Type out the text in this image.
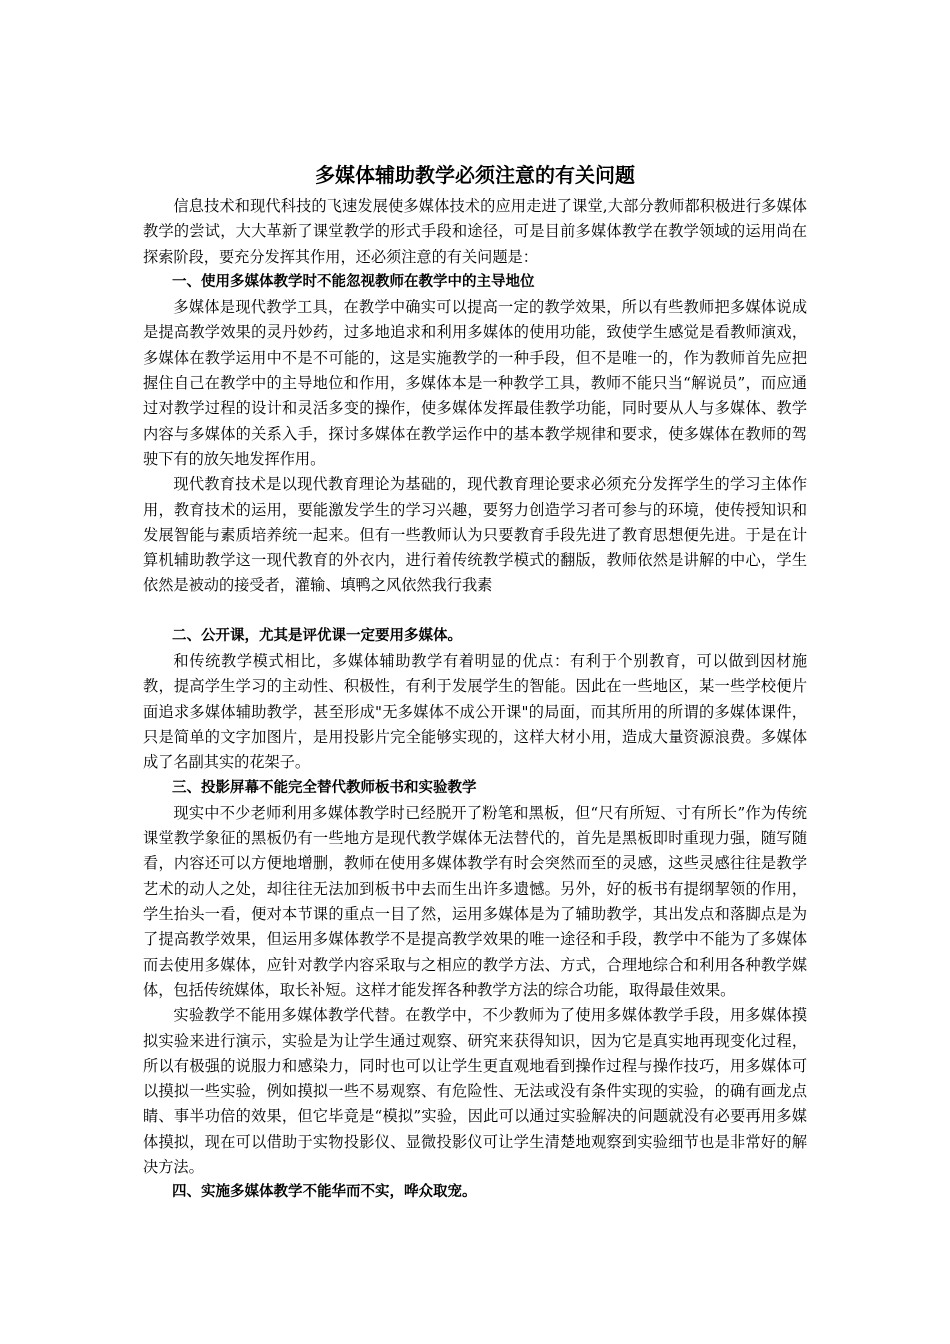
多媒体辅助教学必须注意的有关问题

信息技术和现代科技的飞速发展使多媒体技术的应用走进了课堂,大部分教师都积极进行多媒体教学的尝试，大大革新了课堂教学的形式手段和途径，可是目前多媒体教学在教学领域的运用尚在探索阶段，要充分发挥其作用，还必须注意的有关问题是：

一、使用多媒体教学时不能忽视教师在教学中的主导地位

多媒体是现代教学工具，在教学中确实可以提高一定的教学效果，所以有些教师把多媒体说成是提高教学效果的灵丹妙药，过多地追求和利用多媒体的使用功能，致使学生感觉是看教师演戏，多媒体在教学运用中不是不可能的，这是实施教学的一种手段，但不是唯一的，作为教师首先应把握住自己在教学中的主导地位和作用，多媒体本是一种教学工具，教师不能只当“解说员”，而应通过对教学过程的设计和灵活多变的操作，使多媒体发挥最佳教学功能，同时要从人与多媒体、教学内容与多媒体的关系入手，探讨多媒体在教学运作中的基本教学规律和要求，使多媒体在教师的驾驶下有的放矢地发挥作用。

现代教育技术是以现代教育理论为基础的，现代教育理论要求必须充分发挥学生的学习主体作用，教育技术的运用，要能激发学生的学习兴趣，要努力创造学习者可参与的环境，使传授知识和发展智能与素质培养统一起来。但有一些教师认为只要教育手段先进了教育思想便先进。于是在计算机辅助教学这一现代教育的外衣内，进行着传统教学模式的翻版，教师依然是讲解的中心，学生依然是被动的接受者，灌输、填鸭之风依然我行我素

二、公开课，尤其是评优课一定要用多媒体。

和传统教学模式相比，多媒体辅助教学有着明显的优点：有利于个别教育，可以做到因材施教，提高学生学习的主动性、积极性，有利于发展学生的智能。因此在一些地区，某一些学校便片面追求多媒体辅助教学，甚至形成"无多媒体不成公开课"的局面，而其所用的所谓的多媒体课件，只是简单的文字加图片，是用投影片完全能够实现的，这样大材小用，造成大量资源浪费。多媒体成了名副其实的花架子。

三、投影屏幕不能完全替代教师板书和实验教学

现实中不少老师利用多媒体教学时已经脱开了粉笔和黑板，但“尺有所短、寸有所长”作为传统课堂教学象征的黑板仍有一些地方是现代教学媒体无法替代的，首先是黑板即时重现力强，随写随看，内容还可以方便地增删，教师在使用多媒体教学有时会突然而至的灵感，这些灵感往往是教学艺术的动人之处，却往往无法加到板书中去而生出许多遗憾。另外，好的板书有提纲挈领的作用，学生抬头一看，便对本节课的重点一目了然，运用多媒体是为了辅助教学，其出发点和落脚点是为了提高教学效果，但运用多媒体教学不是提高教学效果的唯一途径和手段，教学中不能为了多媒体而去使用多媒体，应针对教学内容采取与之相应的教学方法、方式，合理地综合和利用各种教学媒体，包括传统媒体，取长补短。这样才能发挥各种教学方法的综合功能，取得最佳效果。

实验教学不能用多媒体教学代替。在教学中，不少教师为了使用多媒体教学手段，用多媒体摸拟实验来进行演示，实验是为让学生通过观察、研究来获得知识，因为它是真实地再现变化过程，所以有极强的说服力和感染力，同时也可以让学生更直观地看到操作过程与操作技巧，用多媒体可以摸拟一些实验，例如摸拟一些不易观察、有危险性、无法或没有条件实现的实验，的确有画龙点睛、事半功倍的效果，但它毕竟是“模拟”实验，因此可以通过实验解决的问题就没有必要再用多媒体摸拟，现在可以借助于实物投影仪、显微投影仪可让学生清楚地观察到实验细节也是非常好的解决方法。

四、实施多媒体教学不能华而不实，哗众取宠。
